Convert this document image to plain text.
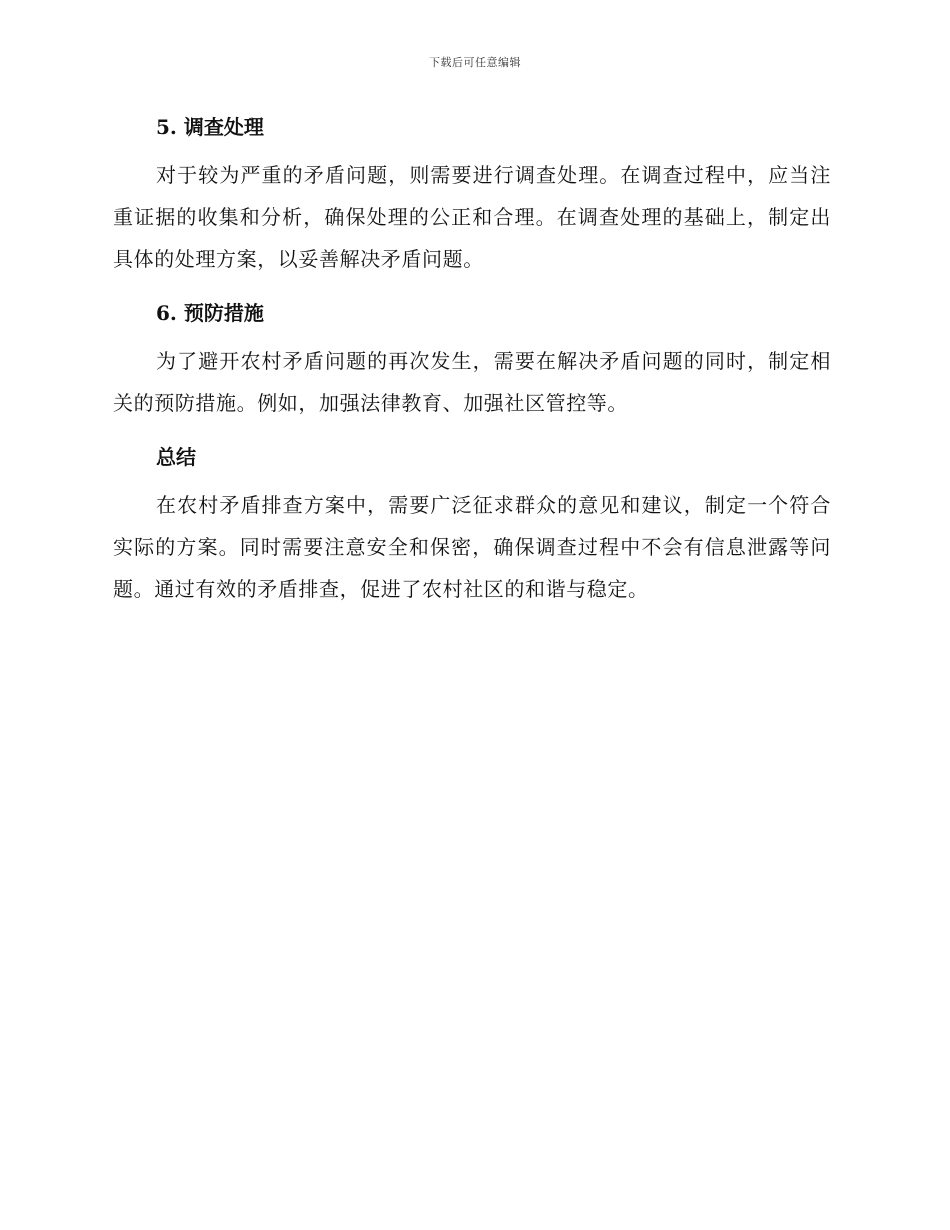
下载后可任意编辑
5. 调查处理

对于较为严重的矛盾问题，则需要进行调查处理。在调查过程中，应当注重证据的收集和分析，确保处理的公正和合理。在调查处理的基础上，制定出具体的处理方案，以妥善解决矛盾问题。

6. 预防措施

为了避开农村矛盾问题的再次发生，需要在解决矛盾问题的同时，制定相关的预防措施。例如，加强法律教育、加强社区管控等。

总结

在农村矛盾排查方案中，需要广泛征求群众的意见和建议，制定一个符合实际的方案。同时需要注意安全和保密，确保调查过程中不会有信息泄露等问题。通过有效的矛盾排查，促进了农村社区的和谐与稳定。
